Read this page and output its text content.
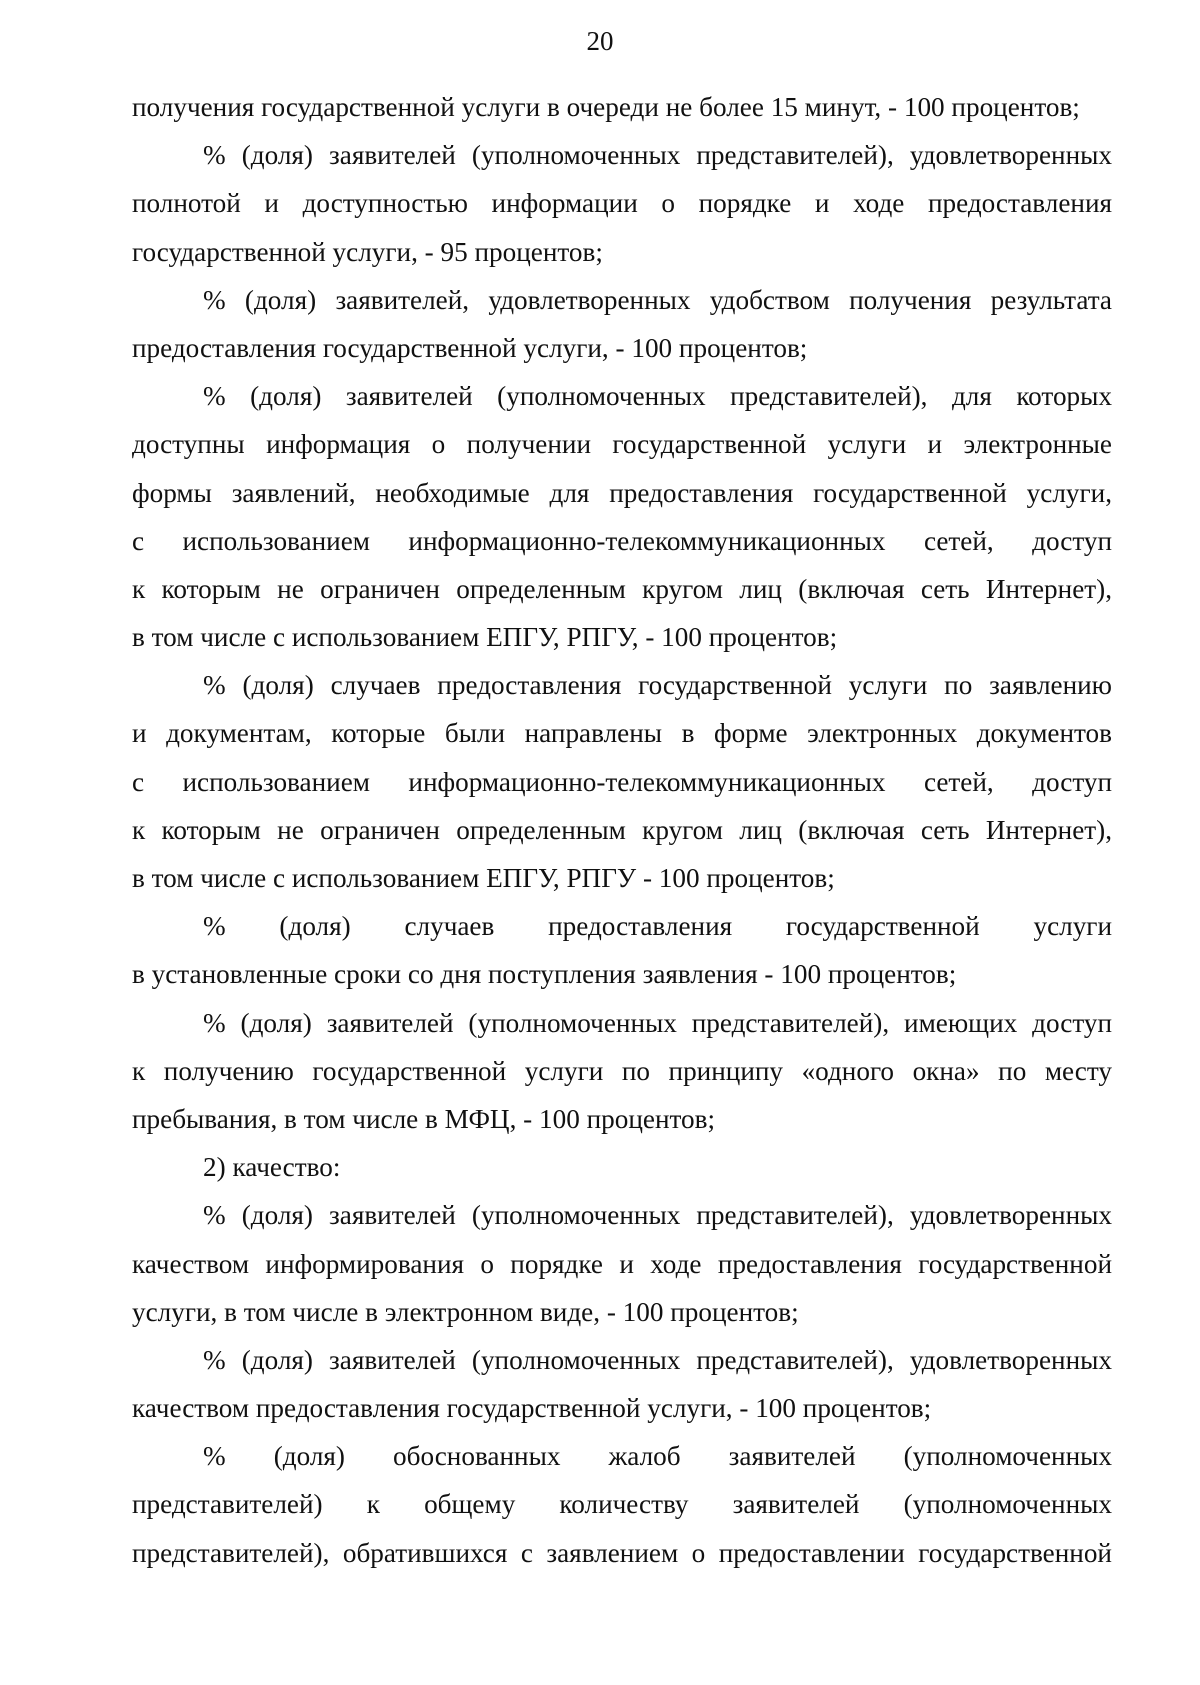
20
получения государственной услуги в очереди не более 15 минут, - 100 процентов;
% (доля) заявителей (уполномоченных представителей), удовлетворенных
полнотой и доступностью информации о порядке и ходе предоставления
государственной услуги, - 95 процентов;
% (доля) заявителей, удовлетворенных удобством получения результата
предоставления государственной услуги, - 100 процентов;
% (доля) заявителей (уполномоченных представителей), для которых
доступны информация о получении государственной услуги и электронные
формы заявлений, необходимые для предоставления государственной услуги,
с использованием информационно-телекоммуникационных сетей, доступ
к которым не ограничен определенным кругом лиц (включая сеть Интернет),
в том числе с использованием ЕПГУ, РПГУ, - 100 процентов;
% (доля) случаев предоставления государственной услуги по заявлению
и документам, которые были направлены в форме электронных документов
с использованием информационно-телекоммуникационных сетей, доступ
к которым не ограничен определенным кругом лиц (включая сеть Интернет),
в том числе с использованием ЕПГУ, РПГУ - 100 процентов;
% (доля) случаев предоставления государственной услуги
в установленные сроки со дня поступления заявления - 100 процентов;
% (доля) заявителей (уполномоченных представителей), имеющих доступ
к получению государственной услуги по принципу «одного окна» по месту
пребывания, в том числе в МФЦ, - 100 процентов;
2) качество:
% (доля) заявителей (уполномоченных представителей), удовлетворенных
качеством информирования о порядке и ходе предоставления государственной
услуги, в том числе в электронном виде, - 100 процентов;
% (доля) заявителей (уполномоченных представителей), удовлетворенных
качеством предоставления государственной услуги, - 100 процентов;
% (доля) обоснованных жалоб заявителей (уполномоченных
представителей) к общему количеству заявителей (уполномоченных
представителей), обратившихся с заявлением о предоставлении государственной
